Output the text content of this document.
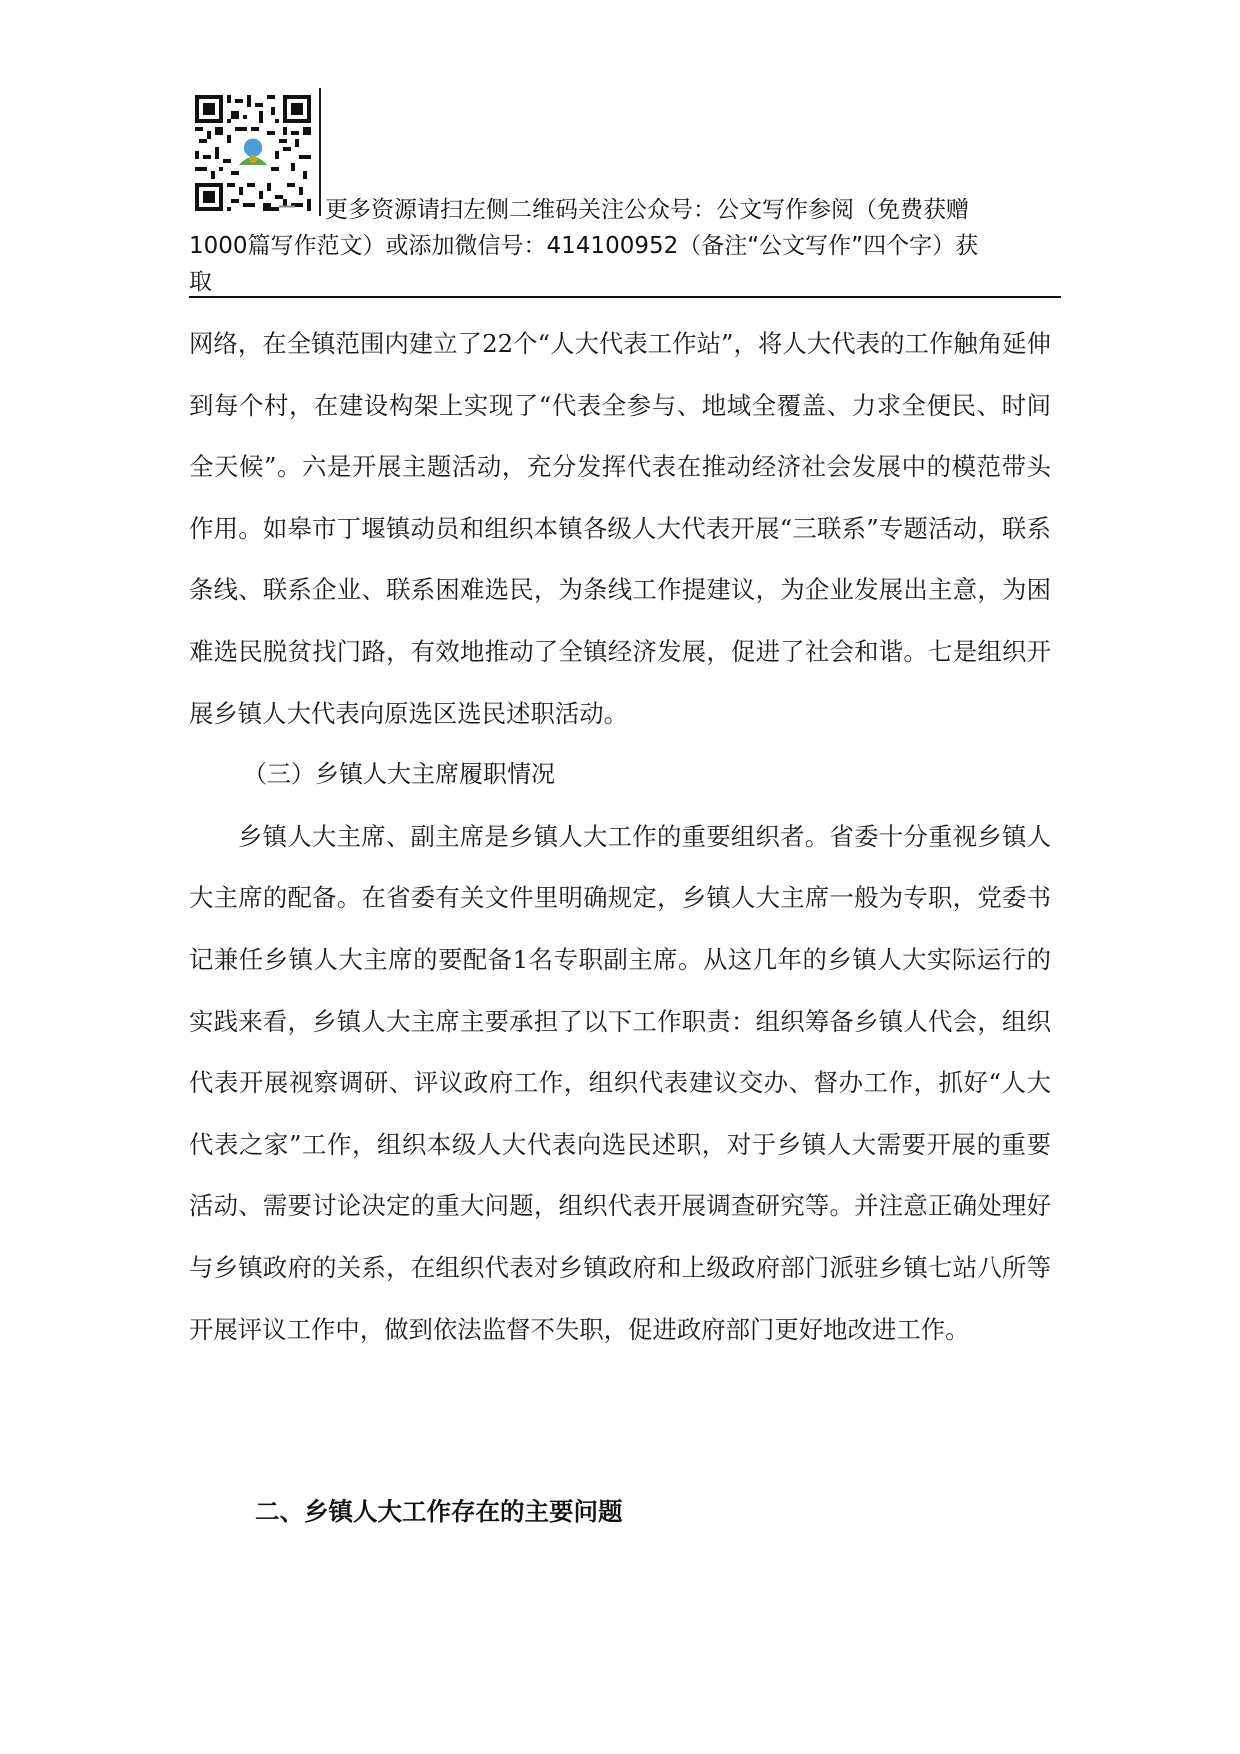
更多资源请扫左侧二维码关注公众号：公文写作参阅（免费获赠
1000篇写作范文）或添加微信号：414100952（备注“公文写作”四个字）获
取

网络，在全镇范围内建立了22个“人大代表工作站”，将人大代表的工作触角延伸到每个村，在建设构架上实现了“代表全参与、地域全覆盖、力求全便民、时间全天候”。六是开展主题活动，充分发挥代表在推动经济社会发展中的模范带头作用。如皋市丁堰镇动员和组织本镇各级人大代表开展“三联系”专题活动，联系条线、联系企业、联系困难选民，为条线工作提建议，为企业发展出主意，为困难选民脱贫找门路，有效地推动了全镇经济发展，促进了社会和谐。七是组织开展乡镇人大代表向原选区选民述职活动。

（三）乡镇人大主席履职情况

乡镇人大主席、副主席是乡镇人大工作的重要组织者。省委十分重视乡镇人大主席的配备。在省委有关文件里明确规定，乡镇人大主席一般为专职，党委书记兼任乡镇人大主席的要配备1名专职副主席。从这几年的乡镇人大实际运行的实践来看，乡镇人大主席主要承担了以下工作职责：组织筹备乡镇人代会，组织代表开展视察调研、评议政府工作，组织代表建议交办、督办工作，抓好“人大代表之家”工作，组织本级人大代表向选民述职，对于乡镇人大需要开展的重要活动、需要讨论决定的重大问题，组织代表开展调查研究等。并注意正确处理好与乡镇政府的关系，在组织代表对乡镇政府和上级政府部门派驻乡镇七站八所等开展评议工作中，做到依法监督不失职，促进政府部门更好地改进工作。

二、乡镇人大工作存在的主要问题
